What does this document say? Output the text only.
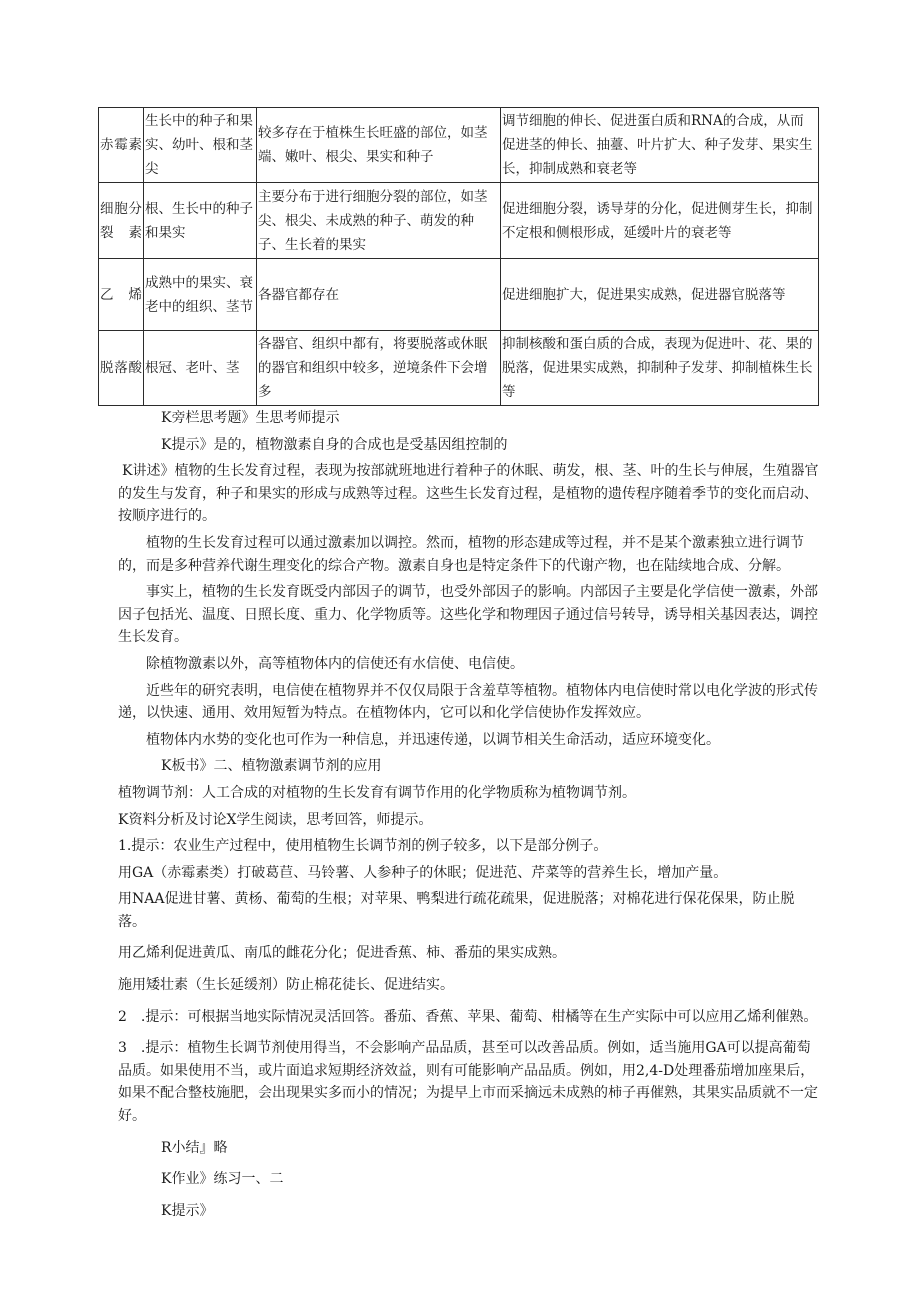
赤霉素	生长中的种子和果实、幼叶、根和茎尖	较多存在于植株生长旺盛的部位，如茎端、嫩叶、根尖、果实和种子	调节细胞的伸长、促进蛋白质和RNA的合成，从而促进茎的伸长、抽薹、叶片扩大、种子发芽、果实生长，抑制成熟和衰老等
细胞分裂素	根、生长中的种子和果实	主要分布于进行细胞分裂的部位，如茎尖、根尖、未成熟的种子、萌发的种子、生长着的果实	促进细胞分裂，诱导芽的分化，促进侧芽生长，抑制不定根和侧根形成，延缓叶片的衰老等
乙烯	成熟中的果实、衰老中的组织、茎节	各器官都存在	促进细胞扩大，促进果实成熟，促进器官脱落等
脱落酸	根冠、老叶、茎	各器官、组织中都有，将要脱落或休眠的器官和组织中较多，逆境条件下会增多	抑制核酸和蛋白质的合成，表现为促进叶、花、果的脱落，促进果实成熟，抑制种子发芽、抑制植株生长等

K旁栏思考题》生思考师提示

K提示》是的，植物激素自身的合成也是受基因组控制的

K讲述》植物的生长发育过程，表现为按部就班地进行着种子的休眠、萌发，根、茎、叶的生长与伸展，生殖器官的发生与发育，种子和果实的形成与成熟等过程。这些生长发育过程，是植物的遗传程序随着季节的变化而启动、按顺序进行的。

植物的生长发育过程可以通过激素加以调控。然而，植物的形态建成等过程，并不是某个激素独立进行调节的，而是多种营养代谢生理变化的综合产物。激素自身也是特定条件下的代谢产物，也在陆续地合成、分解。

事实上，植物的生长发育既受内部因子的调节，也受外部因子的影响。内部因子主要是化学信使一激素，外部因子包括光、温度、日照长度、重力、化学物质等。这些化学和物理因子通过信号转导，诱导相关基因表达，调控生长发育。

除植物激素以外，高等植物体内的信使还有水信使、电信使。

近些年的研究表明，电信使在植物界并不仅仅局限于含羞草等植物。植物体内电信使时常以电化学波的形式传递，以快速、通用、效用短暂为特点。在植物体内，它可以和化学信使协作发挥效应。

植物体内水势的变化也可作为一种信息，并迅速传递，以调节相关生命活动，适应环境变化。

K板书》二、植物激素调节剂的应用

植物调节剂：人工合成的对植物的生长发育有调节作用的化学物质称为植物调节剂。

K资料分析及讨论X学生阅读，思考回答，师提示。

1.提示：农业生产过程中，使用植物生长调节剂的例子较多，以下是部分例子。

用GA（赤霉素类）打破葛苣、马铃薯、人参种子的休眠；促进范、芹菜等的营养生长，增加产量。

用NAA促进甘薯、黄杨、葡萄的生根；对苹果、鸭梨进行疏花疏果，促进脱落；对棉花进行保花保果，防止脱落。

用乙烯利促进黄瓜、南瓜的雌花分化；促进香蕉、柿、番茄的果实成熟。

施用矮壮素（生长延缓剂）防止棉花徒长、促进结实。

2　.提示：可根据当地实际情况灵活回答。番茄、香蕉、苹果、葡萄、柑橘等在生产实际中可以应用乙烯利催熟。

3　.提示：植物生长调节剂使用得当，不会影响产品品质，甚至可以改善品质。例如，适当施用GA可以提高葡萄品质。如果使用不当，或片面追求短期经济效益，则有可能影响产品品质。例如，用2,4-D处理番茄增加座果后，如果不配合整枝施肥，会出现果实多而小的情况；为提早上市而采摘远未成熟的柿子再催熟，其果实品质就不一定好。

R小结』略

K作业》练习一、二

K提示》
